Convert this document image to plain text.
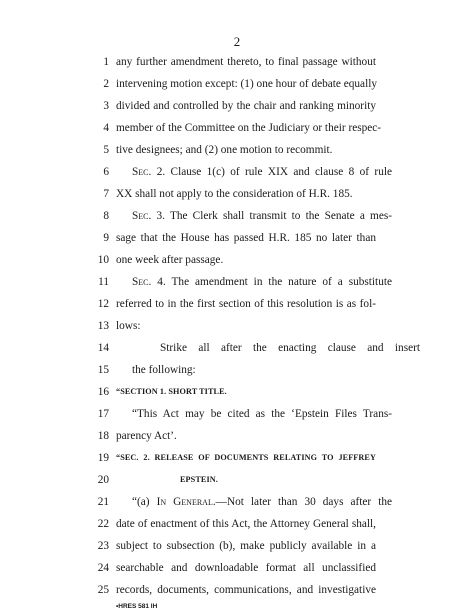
2
1 any further amendment thereto, to final passage without
2 intervening motion except: (1) one hour of debate equally
3 divided and controlled by the chair and ranking minority
4 member of the Committee on the Judiciary or their respec-
5 tive designees; and (2) one motion to recommit.
6	Sec. 2. Clause 1(c) of rule XIX and clause 8 of rule
7 XX shall not apply to the consideration of H.R. 185.
8	Sec. 3. The Clerk shall transmit to the Senate a mes-
9 sage that the House has passed H.R. 185 no later than
10 one week after passage.
11	Sec. 4. The amendment in the nature of a substitute
12 referred to in the first section of this resolution is as fol-
13 lows:
14	Strike all after the enacting clause and insert
15	the following:
16 “SECTION 1. SHORT TITLE.
17	“This Act may be cited as the ‘Epstein Files Trans-
18 parency Act’.
19 “SEC. 2. RELEASE OF DOCUMENTS RELATING TO JEFFREY
20	EPSTEIN.
21	“(a) In General.—Not later than 30 days after the
22 date of enactment of this Act, the Attorney General shall,
23 subject to subsection (b), make publicly available in a
24 searchable and downloadable format all unclassified
25 records, documents, communications, and investigative
•HRES 581 IH
